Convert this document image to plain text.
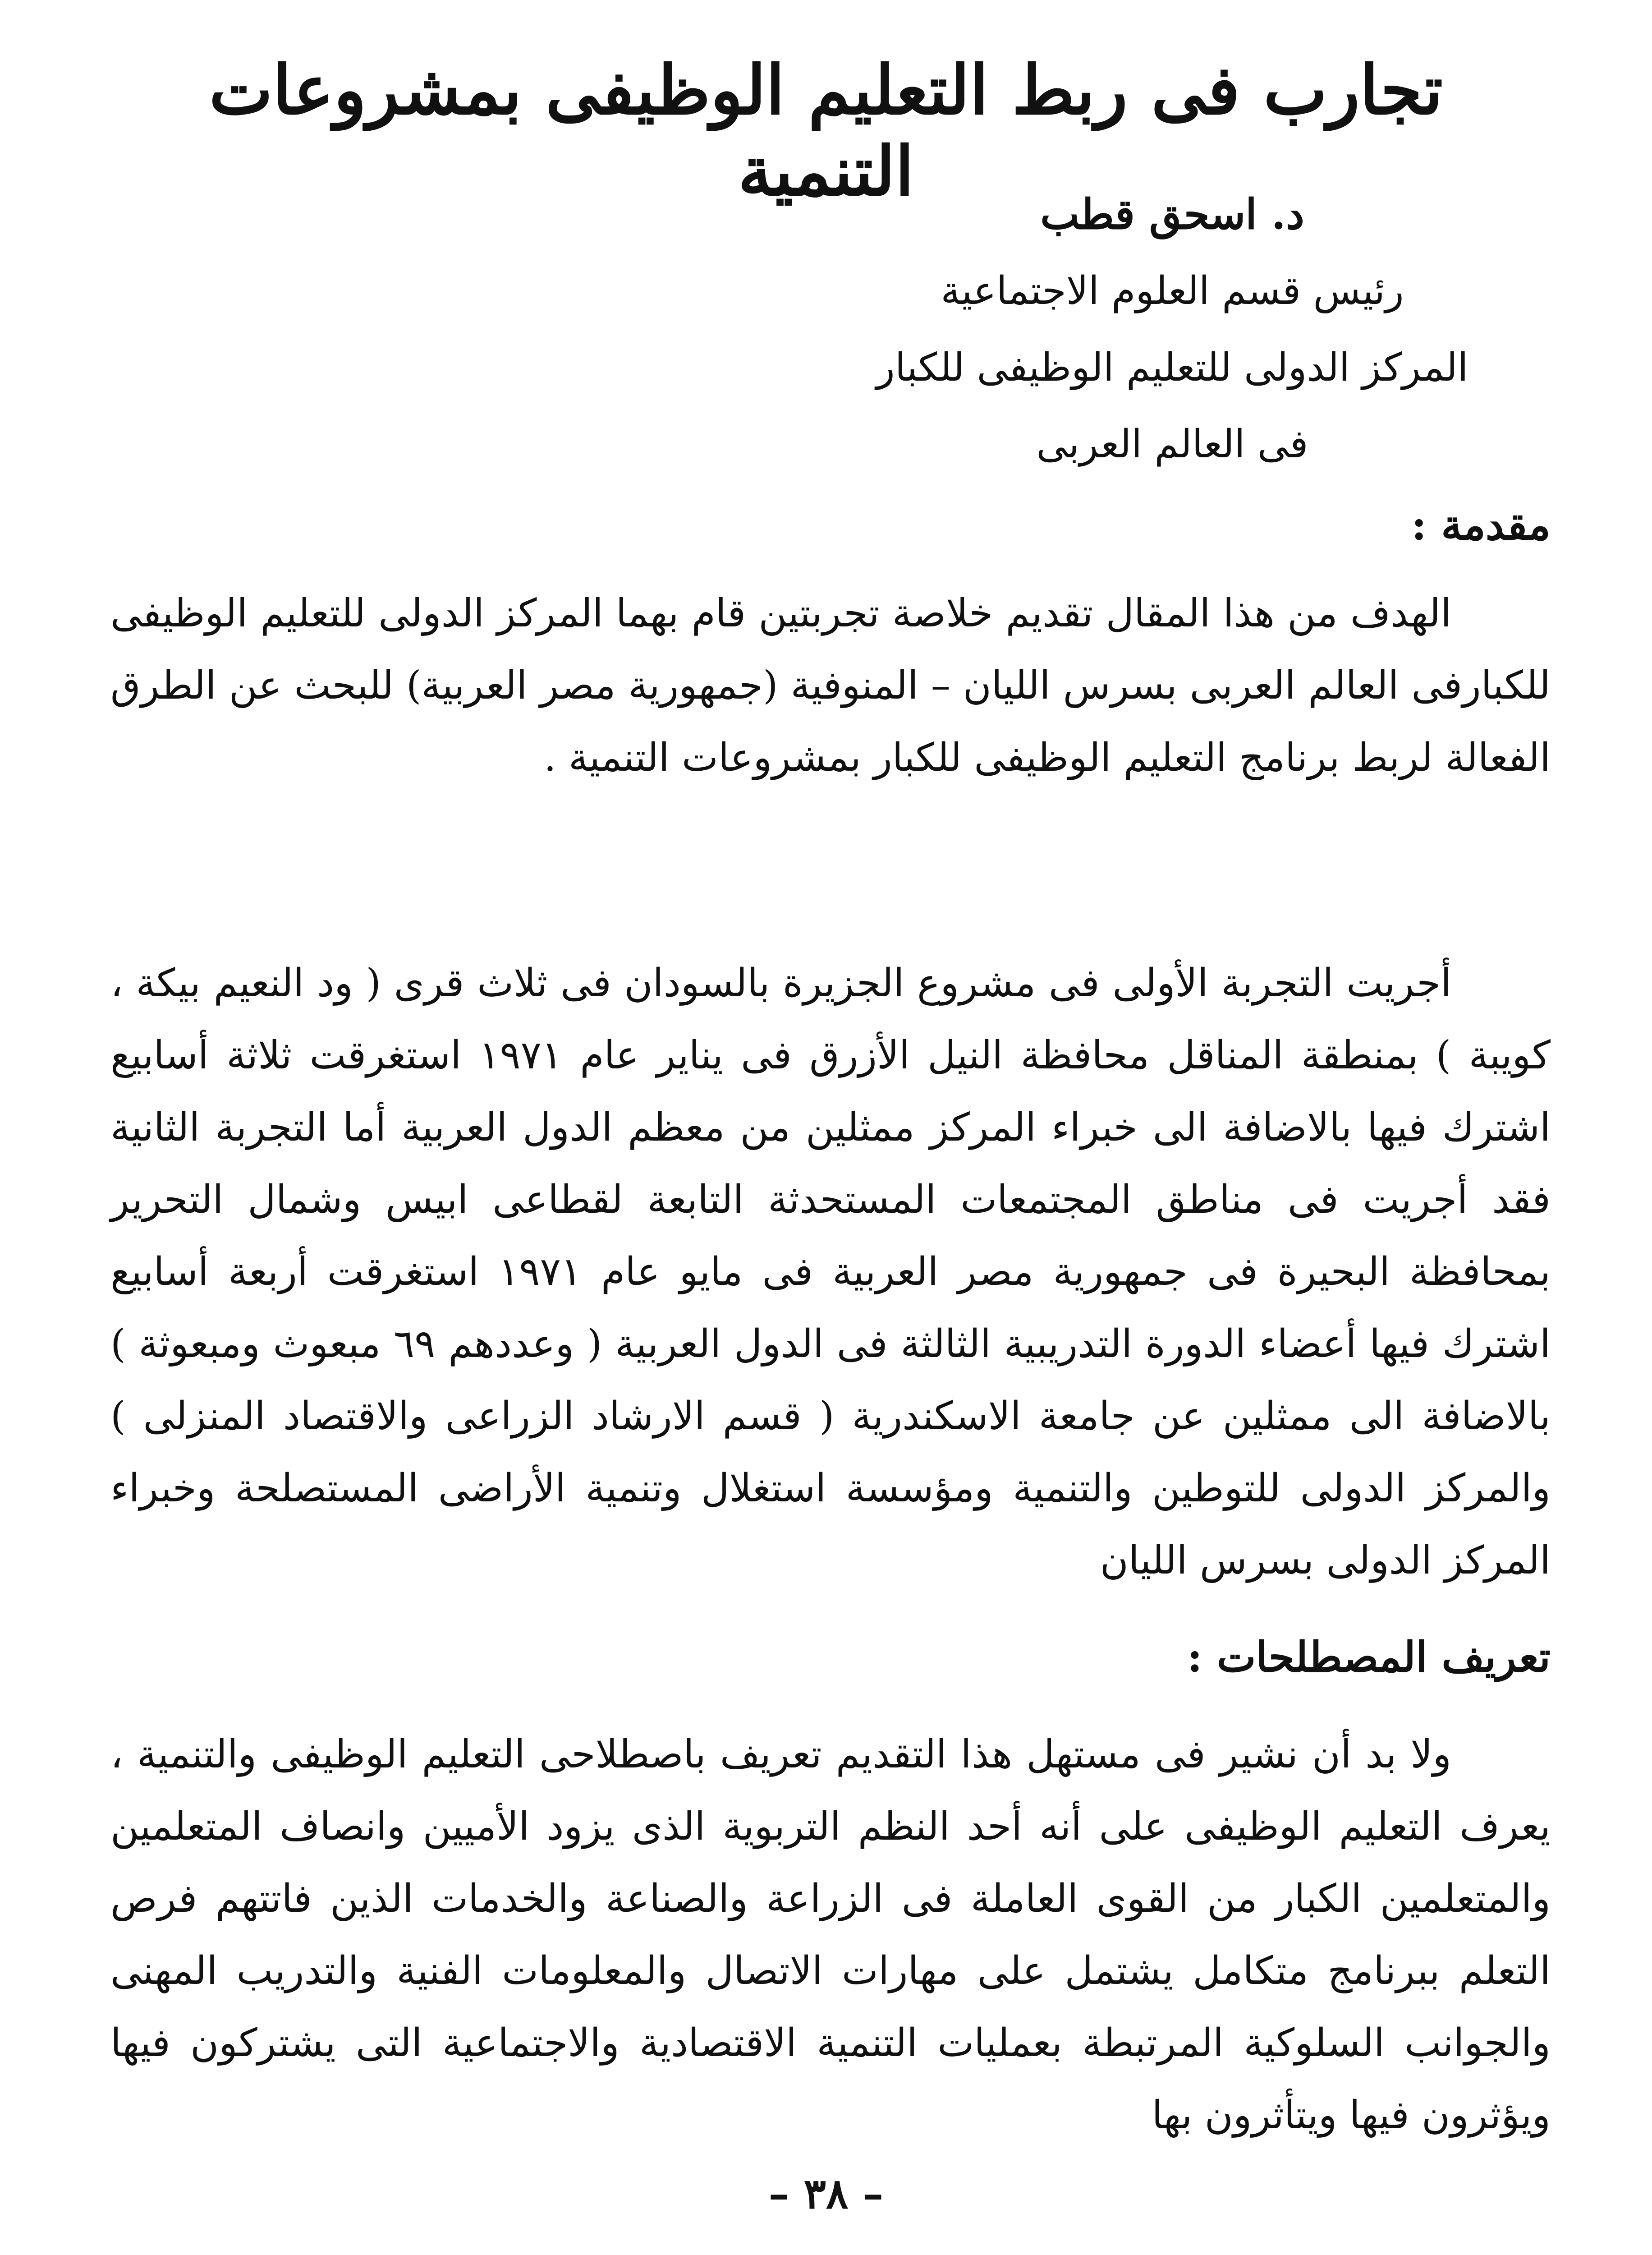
تجارب فى ربط التعليم الوظيفى بمشروعات التنمية
د. اسحق قطب
رئيس قسم العلوم الاجتماعية
المركز الدولى للتعليم الوظيفى للكبار
فى العالم العربى
مقدمة :
الهدف من هذا المقال تقديم خلاصة تجربتين قام بهما المركز الدولى للتعليم الوظيفى للكبارفى العالم العربى بسرس الليان – المنوفية (جمهورية مصر العربية) للبحث عن الطرق الفعالة لربط برنامج التعليم الوظيفى للكبار بمشروعات التنمية .
أجريت التجربة الأولى فى مشروع الجزيرة بالسودان فى ثلاث قرى ( ود النعيم بيكة ، كويبة ) بمنطقة المناقل محافظة النيل الأزرق فى يناير عام ١٩٧١ استغرقت ثلاثة أسابيع اشترك فيها بالاضافة الى خبراء المركز ممثلين من معظم الدول العربية أما التجربة الثانية فقد أجريت فى مناطق المجتمعات المستحدثة التابعة لقطاعى ابيس وشمال التحرير بمحافظة البحيرة فى جمهورية مصر العربية فى مايو عام ١٩٧١ استغرقت أربعة أسابيع اشترك فيها أعضاء الدورة التدريبية الثالثة فى الدول العربية ( وعددهم ٦٩ مبعوث ومبعوثة ) بالاضافة الى ممثلين عن جامعة الاسكندرية ( قسم الارشاد الزراعى والاقتصاد المنزلى ) والمركز الدولى للتوطين والتنمية ومؤسسة استغلال وتنمية الأراضى المستصلحة وخبراء المركز الدولى بسرس الليان
تعريف المصطلحات :
ولا بد أن نشير فى مستهل هذا التقديم تعريف باصطلاحى التعليم الوظيفى والتنمية ، يعرف التعليم الوظيفى على أنه أحد النظم التربوية الذى يزود الأميين وانصاف المتعلمين والمتعلمين الكبار من القوى العاملة فى الزراعة والصناعة والخدمات الذين فاتتهم فرص التعلم ببرنامج متكامل يشتمل على مهارات الاتصال والمعلومات الفنية والتدريب المهنى والجوانب السلوكية المرتبطة بعمليات التنمية الاقتصادية والاجتماعية التى يشتركون فيها ويؤثرون فيها ويتأثرون بها
– ٣٨ –
